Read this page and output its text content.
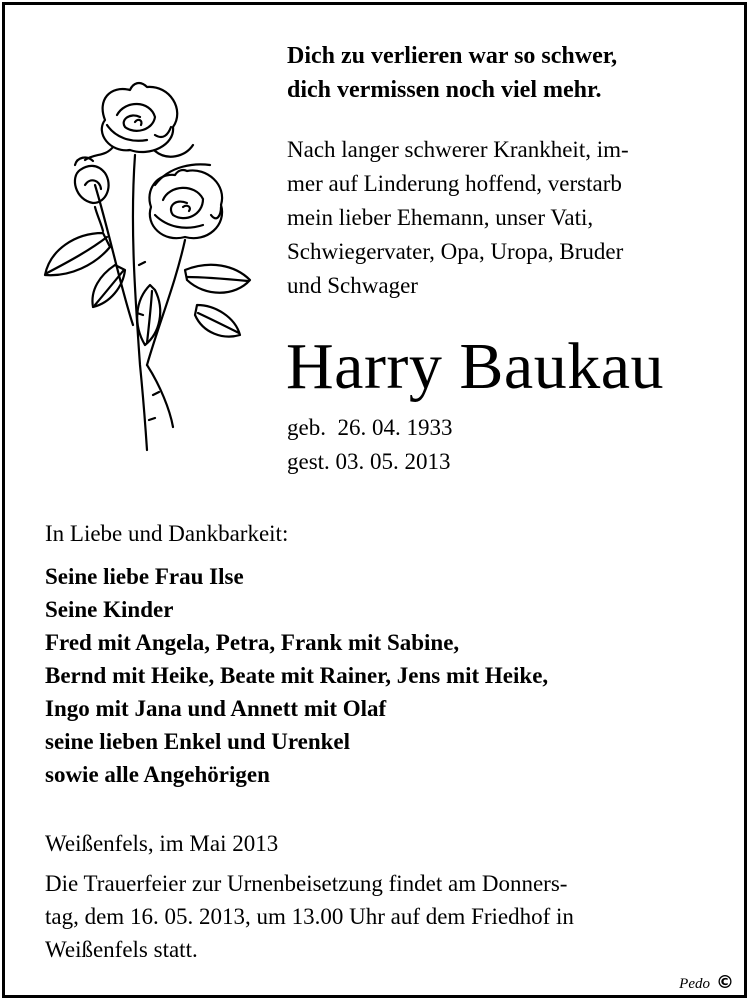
Dich zu verlieren war so schwer,
dich vermissen noch viel mehr.
Nach langer schwerer Krankheit, im-
mer auf Linderung hoffend, verstarb
mein lieber Ehemann, unser Vati,
Schwiegervater, Opa, Uropa, Bruder
und Schwager
Harry Baukau
geb.  26. 04. 1933
gest. 03. 05. 2013
In Liebe und Dankbarkeit:
Seine liebe Frau Ilse
Seine Kinder
Fred mit Angela, Petra, Frank mit Sabine,
Bernd mit Heike, Beate mit Rainer, Jens mit Heike,
Ingo mit Jana und Annett mit Olaf
seine lieben Enkel und Urenkel
sowie alle Angehörigen
Weißenfels, im Mai 2013
Die Trauerfeier zur Urnenbeisetzung findet am Donners-
tag, dem 16. 05. 2013, um 13.00 Uhr auf dem Friedhof in
Weißenfels statt.
Pedo ©
